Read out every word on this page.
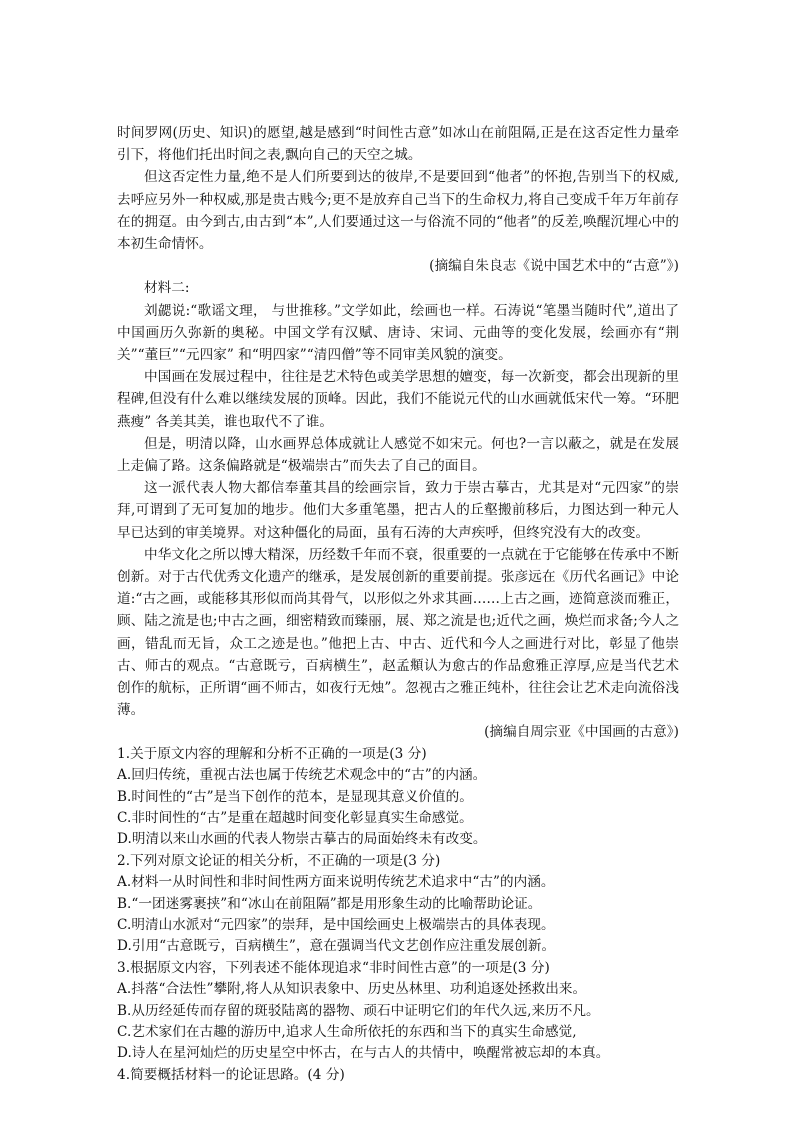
时间罗网(历史、知识)的愿望,越是感到“时间性古意”如冰山在前阻隔,正是在这否定性力量牵引下，将他们托出时间之表,飘向自己的天空之城。

但这否定性力量,绝不是人们所要到达的彼岸,不是要回到“他者”的怀抱,告别当下的权威,去呼应另外一种权威,那是贵古贱今;更不是放弃自己当下的生命权力,将自己变成千年万年前存在的拥趸。由今到古,由古到“本”,人们要通过这一与俗流不同的“他者”的反差,唤醒沉埋心中的本初生命情怀。

(摘编自朱良志《说中国艺术中的“古意”》)

材料二:

刘勰说:“歌谣文理， 与世推移。”文学如此，绘画也一样。石涛说“笔墨当随时代”,道出了中国画历久弥新的奥秘。中国文学有汉赋、唐诗、宋词、元曲等的变化发展，绘画亦有“荆关”“董巨”“元四家” 和“明四家”“清四僧”等不同审美风貌的演变。

中国画在发展过程中，往往是艺术特色或美学思想的嬗变，每一次新变，都会出现新的里程碑,但没有什么难以继续发展的顶峰。因此，我们不能说元代的山水画就低宋代一筹。“环肥燕瘦” 各美其美，谁也取代不了谁。

但是，明清以降，山水画界总体成就让人感觉不如宋元。何也?一言以蔽之，就是在发展上走偏了路。这条偏路就是“极端崇古”而失去了自己的面目。

这一派代表人物大都信奉董其昌的绘画宗旨，致力于崇古摹古，尤其是对“元四家”的崇拜,可谓到了无可复加的地步。他们大多重笔墨，把古人的丘壑搬前移后，力图达到一种元人早已达到的审美境界。对这种僵化的局面，虽有石涛的大声疾呼，但终究没有大的改变。

中华文化之所以博大精深，历经数千年而不衰，很重要的一点就在于它能够在传承中不断创新。对于古代优秀文化遗产的继承，是发展创新的重要前提。张彦远在《历代名画记》中论道:“古之画，或能移其形似而尚其骨气，以形似之外求其画……上古之画，迹简意淡而雅正，顾、陆之流是也;中古之画，细密精致而臻丽，展、郑之流是也;近代之画，焕烂而求备;今人之画，错乱而无旨，众工之迹是也。”他把上古、中古、近代和今人之画进行对比，彰显了他崇古、师古的观点。“古意既亏，百病横生”，赵孟頫认为愈古的作品愈雅正淳厚,应是当代艺术创作的航标，正所谓“画不师古，如夜行无烛”。忽视古之雅正纯朴，往往会让艺术走向流俗浅薄。

(摘编自周宗亚《中国画的古意》)

1.关于原文内容的理解和分析不正确的一项是(3 分)

A.回归传统，重视古法也属于传统艺术观念中的“古”的内涵。

B.时间性的“古”是当下创作的范本，是显现其意义价值的。

C.非时间性的“古”是重在超越时间变化彰显真实生命感觉。

D.明清以来山水画的代表人物崇古摹古的局面始终未有改变。

2.下列对原文论证的相关分析，不正确的一项是(3 分)

A.材料一从时间性和非时间性两方面来说明传统艺术追求中“古”的内涵。

B.“一团迷雾裹挟”和“冰山在前阻隔”都是用形象生动的比喻帮助论证。

C.明清山水派对“元四家”的崇拜，是中国绘画史上极端崇古的具体表现。

D.引用“古意既亏，百病横生”，意在强调当代文艺创作应注重发展创新。

3.根据原文内容，下列表述不能体现追求“非时间性古意”的一项是(3 分)

A.抖落“合法性”攀附,将人从知识表象中、历史丛林里、功利追逐处拯救出来。

B.从历经延传而存留的斑驳陆离的器物、顽石中证明它们的年代久远,来历不凡。

C.艺术家们在古趣的游历中,追求人生命所依托的东西和当下的真实生命感觉,

D.诗人在星河灿烂的历史星空中怀古，在与古人的共情中，唤醒常被忘却的本真。

4.简要概括材料一的论证思路。(4 分)
